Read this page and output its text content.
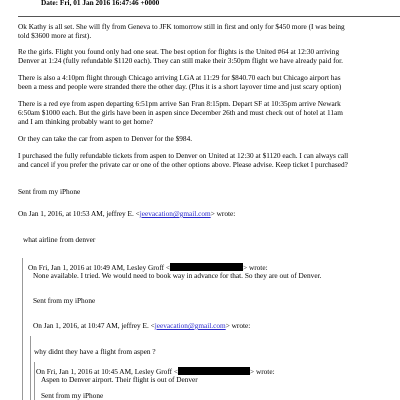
Date: Fri, 01 Jan 2016 16:47:46 +0000
Ok Kathy is all set. She will fly from Geneva to JFK tomorrow still in first and only for $450 more (I was being
told $3600 more at first).
Re the girls. Flight you found only had one seat. The best option for flights is the United #64 at 12:30 arriving
Denver at 1:24 (fully refundable $1120 each). They can still make their 3:50pm flight we have already paid for.
There is also a 4:10pm flight through Chicago arriving LGA at 11:29 for $840.70 each but Chicago airport has
been a mess and people were stranded there the other day. (Plus it is a short layover time and just scary option)
There is a red eye from aspen departing 6:51pm arrive San Fran 8:15pm. Depart SF at 10:35pm arrive Newark
6:50am $1000 each. But the girls have been in aspen since December 26th and must check out of hotel at 11am
and I am thinking probably want to get home?
Or they can take the car from aspen to Denver for the $984.
I purchased the fully refundable tickets from aspen to Denver on United at 12:30 at $1120 each. I can always call
and cancel if you prefer the private car or one of the other options above. Please advise. Keep ticket I purchased?
Sent from my iPhone
On Jan 1, 2016, at 10:53 AM, jeffrey E. <jeevacation@gmail.com> wrote:
what airline from denver
On Fri, Jan 1, 2016 at 10:49 AM, Lesley Groff <	> wrote:
None available. I tried. We would need to book way in advance for that. So they are out of Denver.
Sent from my iPhone
On Jan 1, 2016, at 10:47 AM, jeffrey E. <jeevacation@gmail.com> wrote:
why didnt they have a flight from aspen ?
On Fri, Jan 1, 2016 at 10:45 AM, Lesley Groff <	> wrote:
Aspen to Denver airport. Their flight is out of Denver
Sent from my iPhone
